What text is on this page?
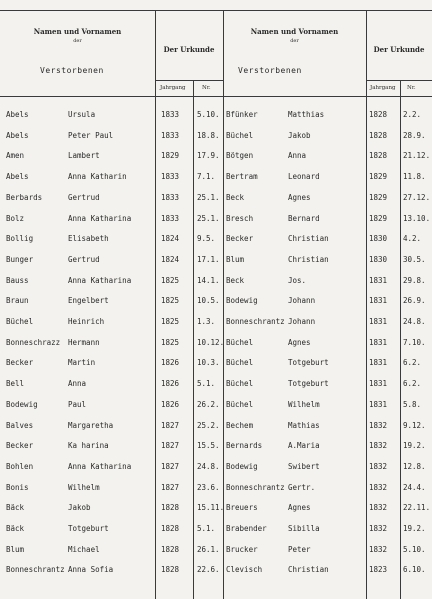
Namen und Vornamen
der
Verstorbenen
Der Urkunde
Jahrgang	Nr.
Namen und Vornamen
der
Verstorbenen
Der Urkunde
Jahrgang Nr.
Abels	Ursula	1833 5.10.
Abels	Peter Paul	1833 18.8.
Amen	Lambert	1829 17.9.
Abels	Anna Katharin	1833 7.1.
Berbards	Gertrud	1833 25.1.
Bolz	Anna Katharina	1833 25.1.
Bollig	Elisabeth	1824 9.5.
Bunger	Gertrud	1824 17.1.
Bauss	Anna Katharina	1825 14.1.
Braun	Engelbert	1825 10.5.
Büchel	Heinrich	1825 1.3.
Bonneschrazz Hermann	1825 10.12.
Becker	Martin	1826 10.3.
Bell	Anna	1826 5.1.
Bodewig	Paul	1826 26.2.
Balves	Margaretha	1827 25.2.
Becker	Ka harina	1827 15.5.
Bohlen	Anna Katharina	1827 24.8.
Bonis	Wilhelm	1827 23.6.
Bäck	Jakob	1828 15.11.
Bäck	Totgeburt	1828 5.1.
Blum	Michael	1828 26.1.
Bonneschrantz Anna Sofia	1828 22.6.
Bfünker	Matthias	1828 2.2.
Büchel	Jakob	1828 28.9.
Bötgen	Anna	1828 21.12.
Bertram	Leonard	1829 11.8.
Beck	Agnes	1829 27.12.
Bresch	Bernard	1829 13.10.
Becker	Christian	1830 4.2.
Blum	Christian	1830 30.5.
Beck	Jos.	1831 29.8.
Bodewig	Johann	1831 26.9.
Bonneschrantz Johann	1831 24.8.
Büchel	Agnes	1831 7.10.
Büchel	Totgeburt	1831 6.2.
Büchel	Totgeburt	1831 6.2.
Büchel	Wilhelm	1831 5.8.
Bechem	Mathias	1832 9.12.
Bernards	A.Maria	1832 19.2.
Bodewig	Swibert	1832 12.8.
Bonneschrantz Gertr.	1832 24.4.
Breuers	Agnes	1832 22.11.
Brabender	Sibilla	1832 19.2.
Brucker	Peter	1832 5.10.
Clevisch	Christian	1823 6.10.
